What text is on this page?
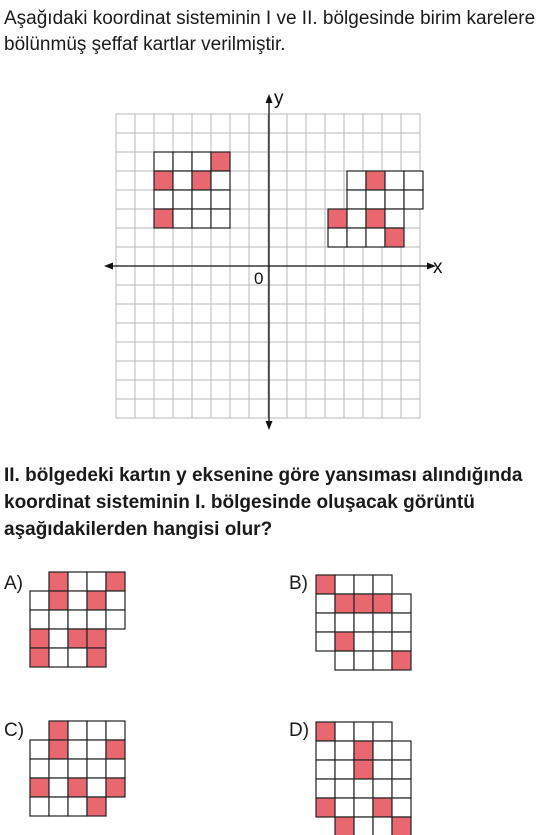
Aşağıdaki koordinat sisteminin I ve II. bölgesinde birim karelere bölünmüş şeffaf kartlar verilmiştir.

x
y
0

II. bölgedeki kartın y eksenine göre yansıması alındığında koordinat sisteminin I. bölgesinde oluşacak görüntü aşağıdakilerden hangisi olur?

A)	B)
C)	D)
